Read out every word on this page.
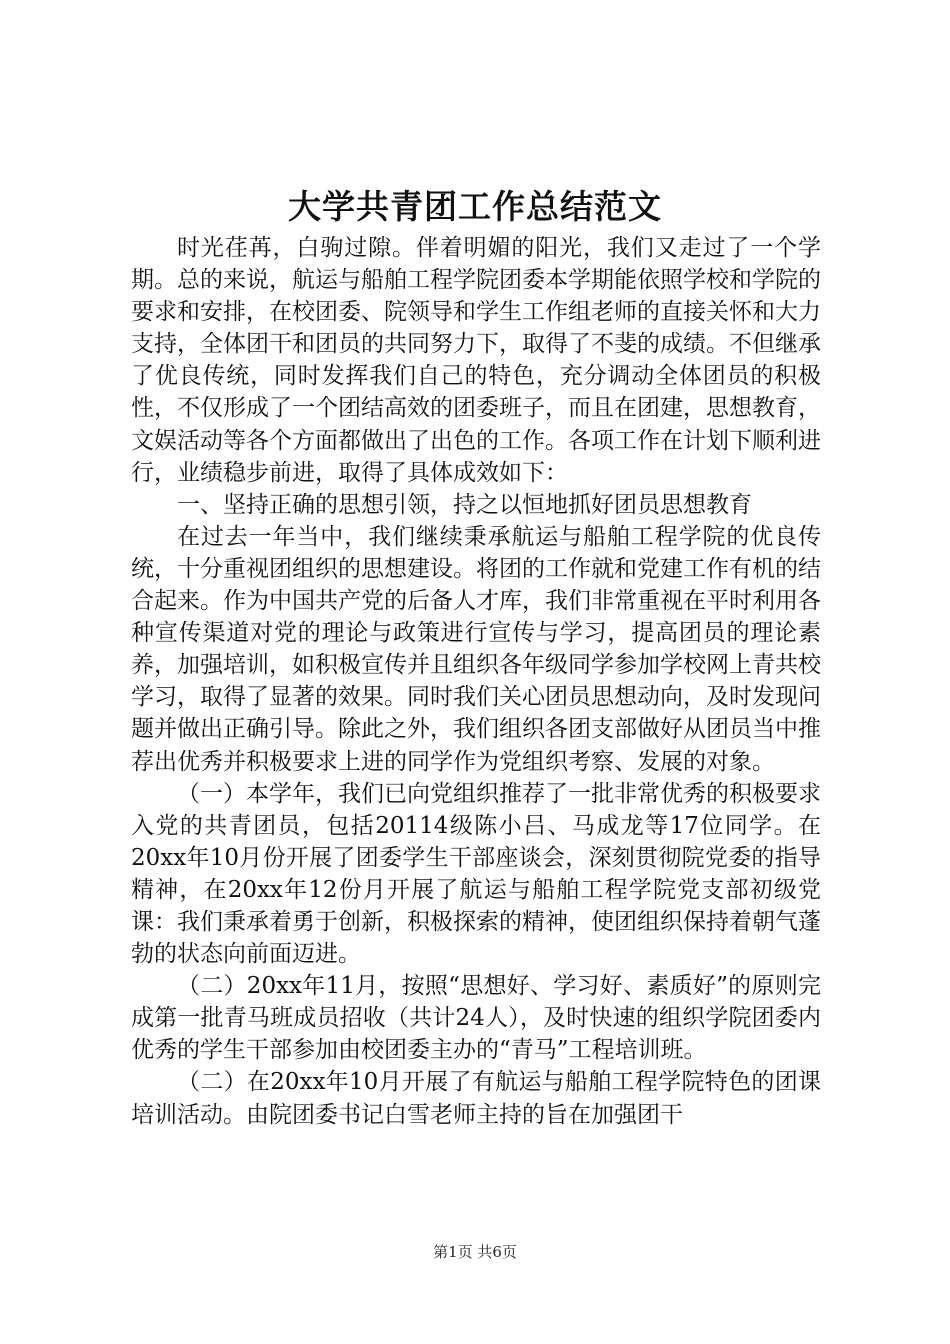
大学共青团工作总结范文

时光荏苒，白驹过隙。伴着明媚的阳光，我们又走过了一个学期。总的来说，航运与船舶工程学院团委本学期能依照学校和学院的要求和安排，在校团委、院领导和学生工作组老师的直接关怀和大力支持，全体团干和团员的共同努力下，取得了不斐的成绩。不但继承了优良传统，同时发挥我们自己的特色，充分调动全体团员的积极性，不仅形成了一个团结高效的团委班子，而且在团建，思想教育，文娱活动等各个方面都做出了出色的工作。各项工作在计划下顺利进行，业绩稳步前进，取得了具体成效如下：

一、坚持正确的思想引领，持之以恒地抓好团员思想教育

在过去一年当中，我们继续秉承航运与船舶工程学院的优良传统，十分重视团组织的思想建设。将团的工作就和党建工作有机的结合起来。作为中国共产党的后备人才库，我们非常重视在平时利用各种宣传渠道对党的理论与政策进行宣传与学习，提高团员的理论素养，加强培训，如积极宣传并且组织各年级同学参加学校网上青共校学习，取得了显著的效果。同时我们关心团员思想动向，及时发现问题并做出正确引导。除此之外，我们组织各团支部做好从团员当中推荐出优秀并积极要求上进的同学作为党组织考察、发展的对象。

（一）本学年，我们已向党组织推荐了一批非常优秀的积极要求入党的共青团员，包括20114级陈小吕、马成龙等17位同学。在20xx年10月份开展了团委学生干部座谈会，深刻贯彻院党委的指导精神，在20xx年12份月开展了航运与船舶工程学院党支部初级党课：我们秉承着勇于创新，积极探索的精神，使团组织保持着朝气蓬勃的状态向前面迈进。

（二）20xx年11月，按照“思想好、学习好、素质好”的原则完成第一批青马班成员招收（共计24人），及时快速的组织学院团委内优秀的学生干部参加由校团委主办的“青马”工程培训班。

（二）在20xx年10月开展了有航运与船舶工程学院特色的团课培训活动。由院团委书记白雪老师主持的旨在加强团干

第1页 共6页
